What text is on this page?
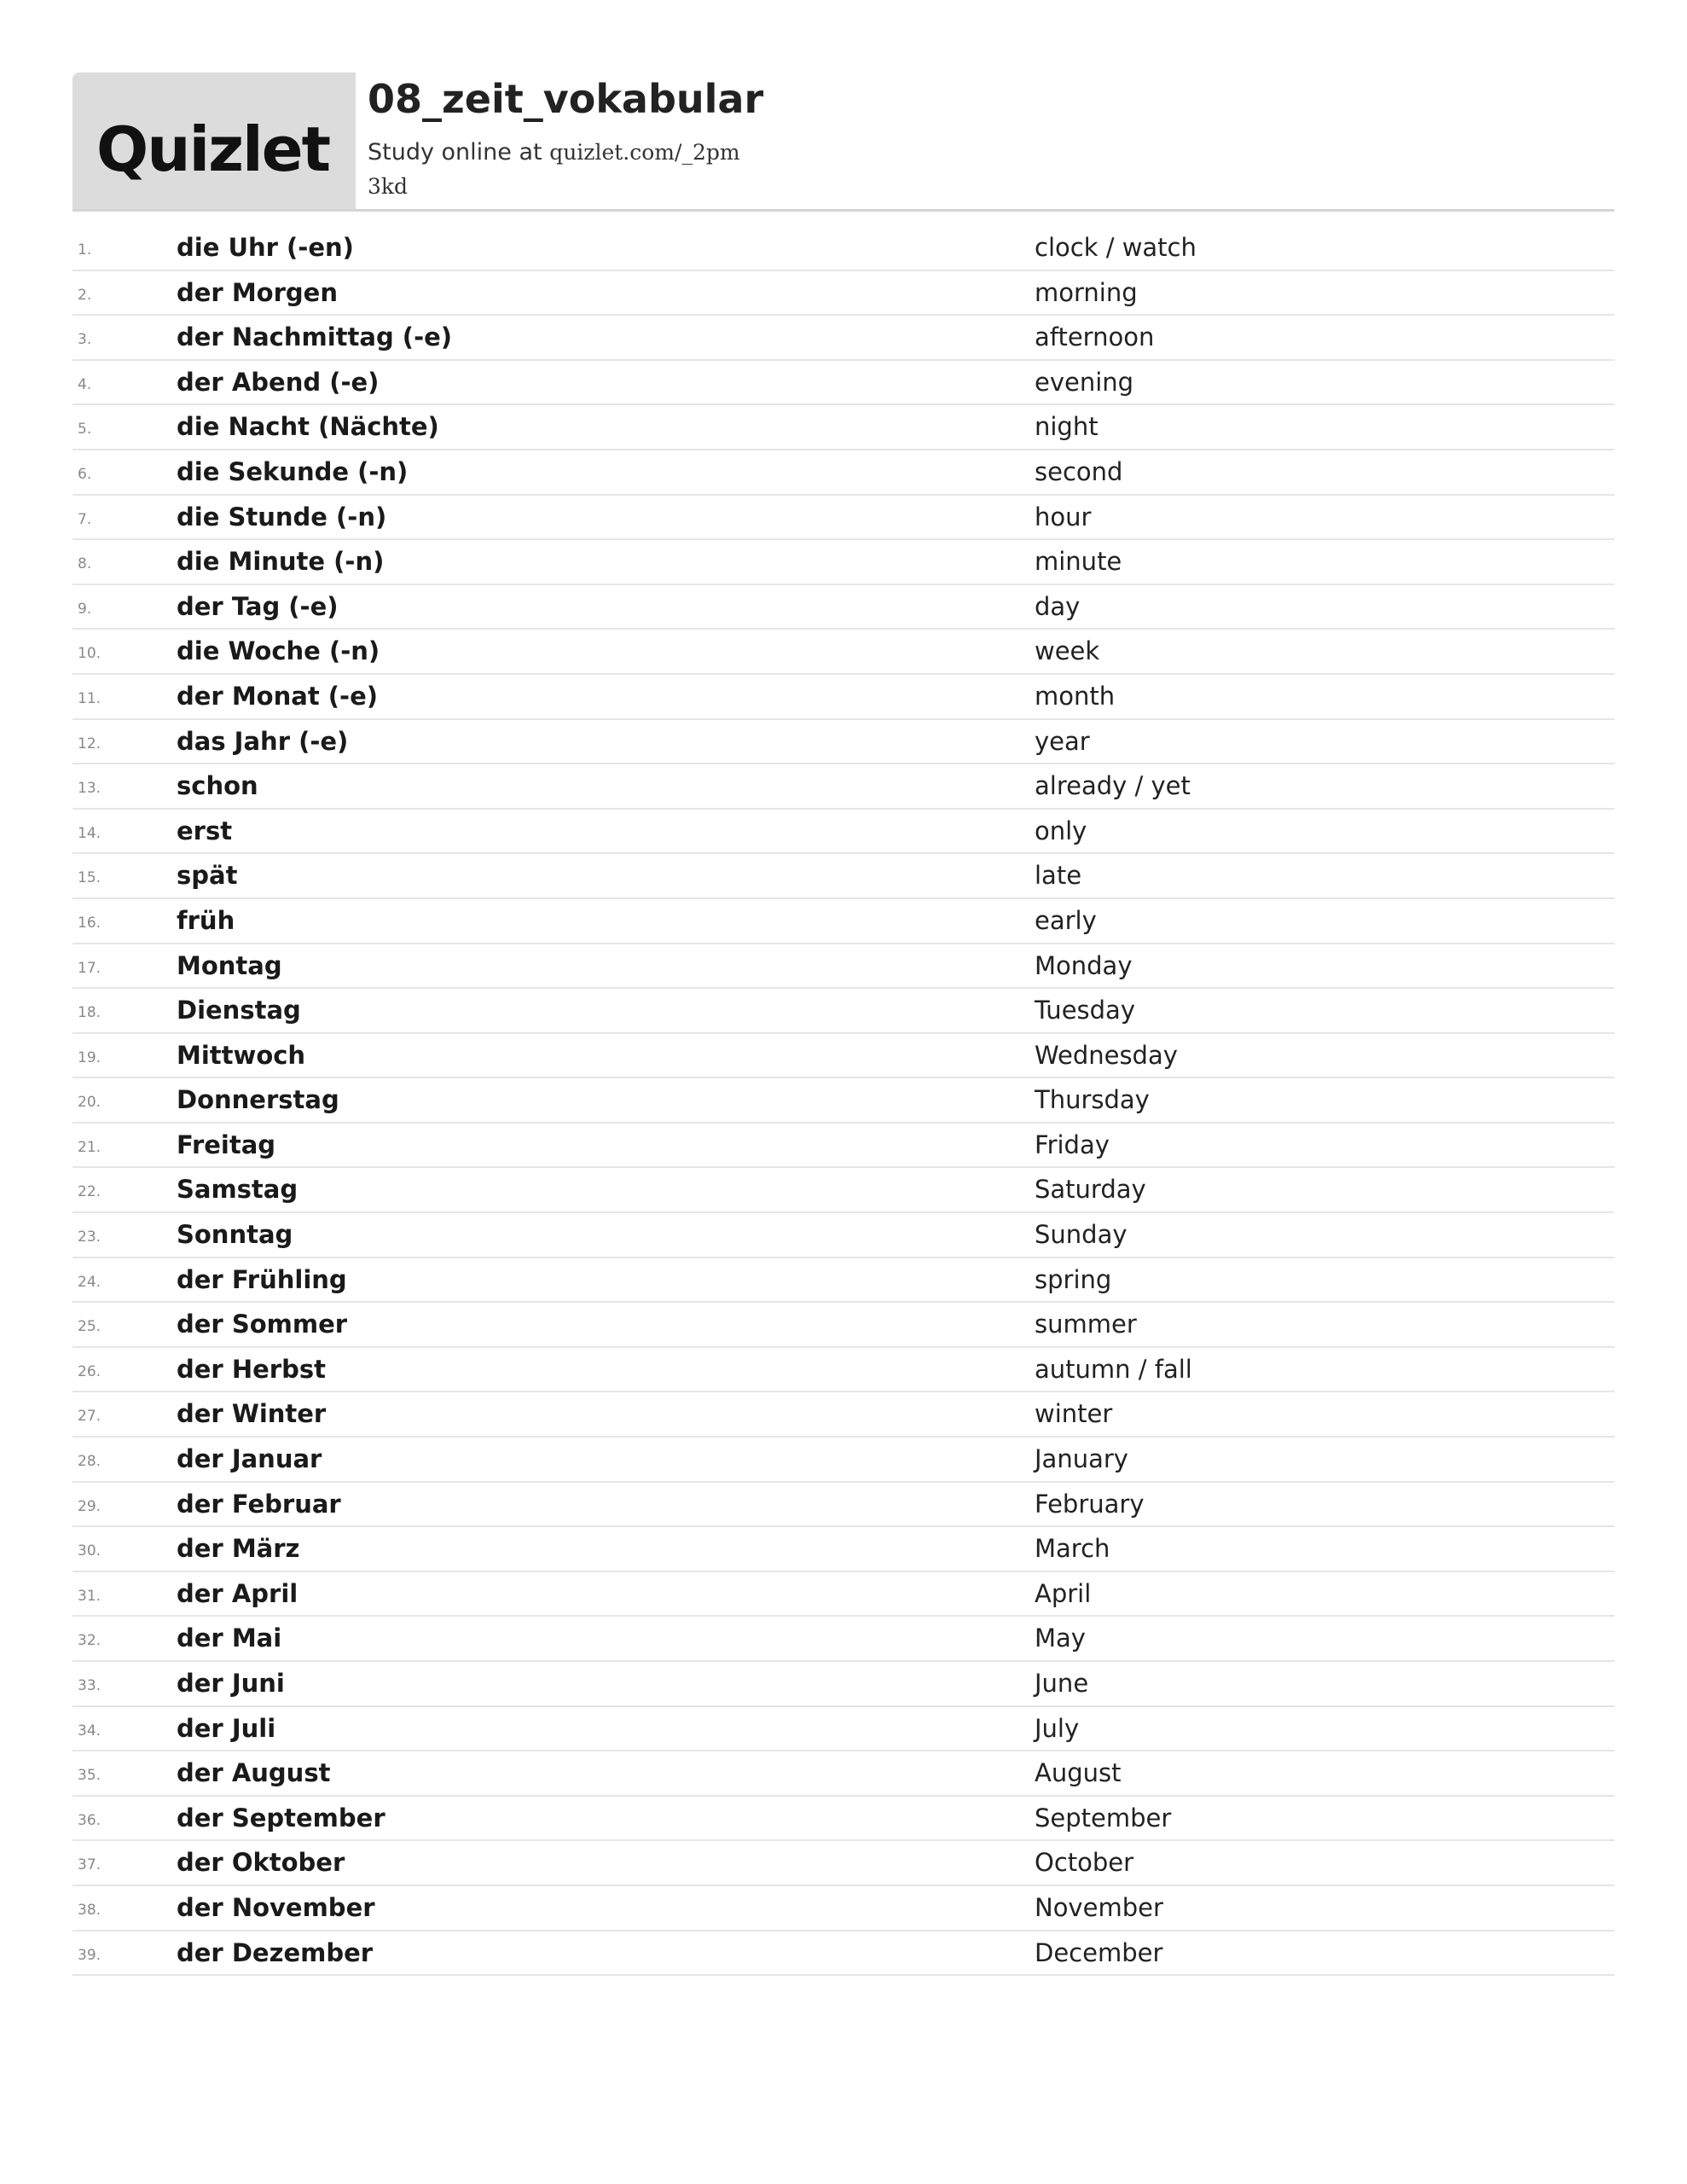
Quizlet
08_zeit_vokabular
Study online at quizlet.com/_2pm3kd
1.	die Uhr (-en)	clock / watch
2.	der Morgen	morning
3.	der Nachmittag (-e)	afternoon
4.	der Abend (-e)	evening
5.	die Nacht (Nächte)	night
6.	die Sekunde (-n)	second
7.	die Stunde (-n)	hour
8.	die Minute (-n)	minute
9.	der Tag (-e)	day
10.	die Woche (-n)	week
11.	der Monat (-e)	month
12.	das Jahr (-e)	year
13.	schon	already / yet
14.	erst	only
15.	spät	late
16.	früh	early
17.	Montag	Monday
18.	Dienstag	Tuesday
19.	Mittwoch	Wednesday
20.	Donnerstag	Thursday
21.	Freitag	Friday
22.	Samstag	Saturday
23.	Sonntag	Sunday
24.	der Frühling	spring
25.	der Sommer	summer
26.	der Herbst	autumn / fall
27.	der Winter	winter
28.	der Januar	January
29.	der Februar	February
30.	der März	March
31.	der April	April
32.	der Mai	May
33.	der Juni	June
34.	der Juli	July
35.	der August	August
36.	der September	September
37.	der Oktober	October
38.	der November	November
39.	der Dezember	December
